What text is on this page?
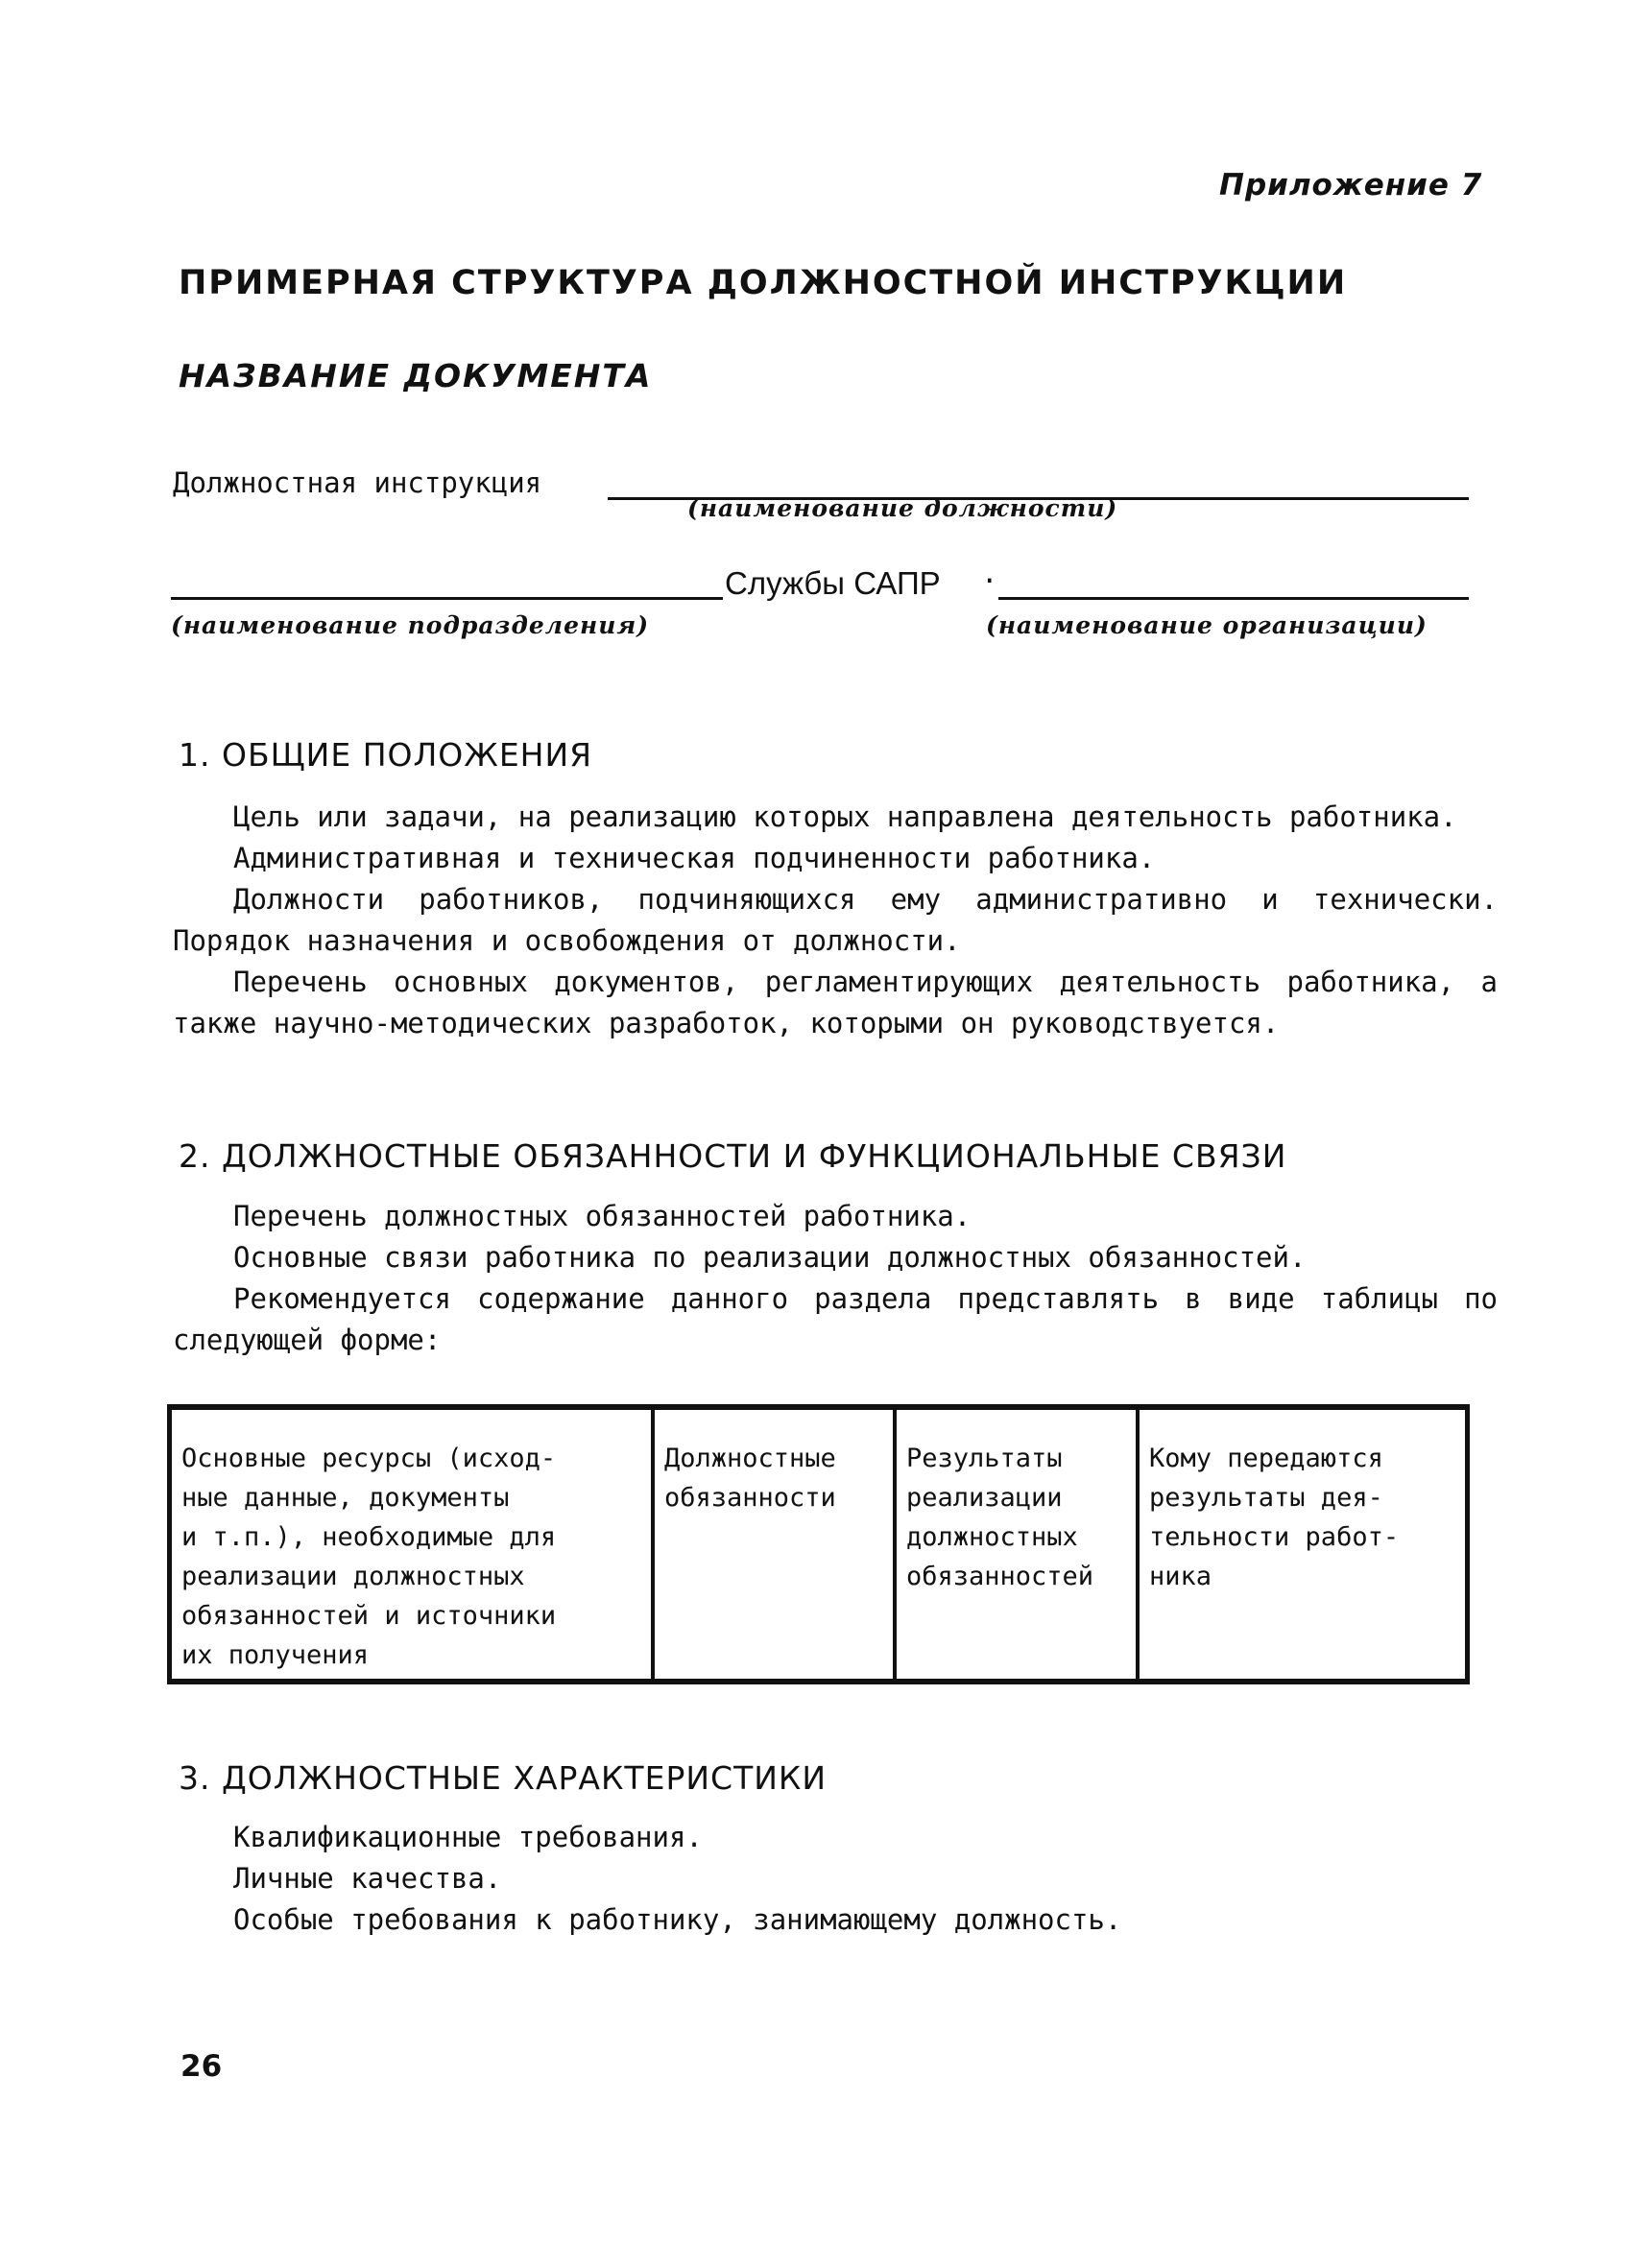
Приложение 7
ПРИМЕРНАЯ СТРУКТУРА ДОЛЖНОСТНОЙ ИНСТРУКЦИИ
НАЗВАНИЕ ДОКУМЕНТА
Должностная инструкция
(наименование должности)
Службы САПР ·
(наименование подразделения)	(наименование организации)
1. ОБЩИЕ ПОЛОЖЕНИЯ

Цель или задачи, на реализацию которых направлена деятельность работника.

Административная и техническая подчиненности работника.

Должности работников, подчиняющихся ему административно и технически. Порядок назначения и освобождения от должности.

Перечень основных документов, регламентирующих деятельность работника, а также научно-методических разработок, которыми он руководствуется.

2. ДОЛЖНОСТНЫЕ ОБЯЗАННОСТИ И ФУНКЦИОНАЛЬНЫЕ СВЯЗИ

Перечень должностных обязанностей работника.

Основные связи работника по реализации должностных обязанностей.

Рекомендуется содержание данного раздела представлять в виде таблицы по следующей форме:

Основные ресурсы (исход-
ные данные, документы
и т.п.), необходимые для
реализации должностных
обязанностей и источники
их получения
Должностные
обязанности
Результаты
реализации
должностных
обязанностей
Кому передаются
результаты дея-
тельности работ-
ника
3. ДОЛЖНОСТНЫЕ ХАРАКТЕРИСТИКИ

Квалификационные требования.

Личные качества.

Особые требования к работнику, занимающему должность.

26
